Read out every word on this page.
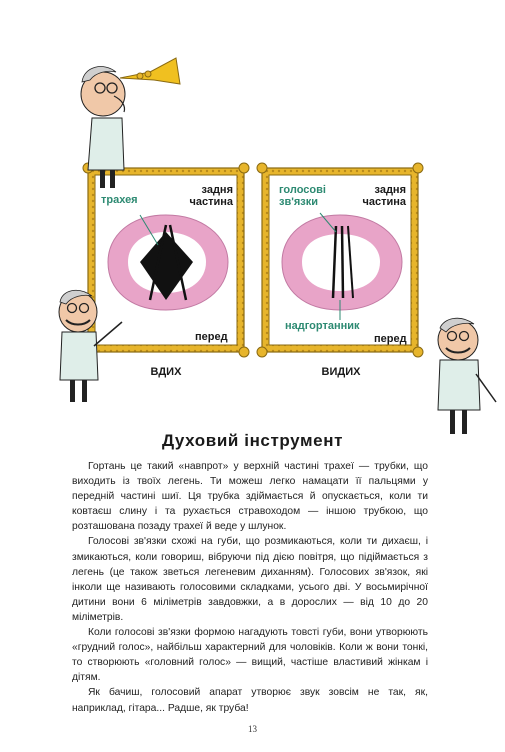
трахея
задня
частина
перед
ВДИХ
голосові
зв'язки
задня
частина
надгортанник
перед
ВИДИХ
Духовий інструмент

Гортань це такий «навпрот» у верхній частині трахеї — трубки, що виходить із твоїх легень. Ти можеш легко намацати її пальцями у передній частині шиї. Ця трубка здіймається й опускається, коли ти ковтаєш слину і та рухається стравоходом — іншою трубкою, що розташована позаду трахеї й веде у шлунок.

Голосові зв'язки схожі на губи, що розмикаються, коли ти дихаєш, і змикаються, коли говориш, вібруючи під дією повітря, що підіймається з легень (це також зветься легеневим диханням). Голосових зв'язок, які інколи ще називають голосовими складками, усього дві. У восьмирічної дитини вони 6 міліметрів завдовжки, а в дорослих — від 10 до 20 міліметрів.

Коли голосові зв'язки формою нагадують товсті губи, вони утворюють «грудний голос», найбільш характерний для чоловіків. Коли ж вони тонкі, то створюють «головний голос» — вищий, частіше властивий жінкам і дітям.

Як бачиш, голосовий апарат утворює звук зовсім не так, як, наприклад, гітара... Радше, як труба!

13
